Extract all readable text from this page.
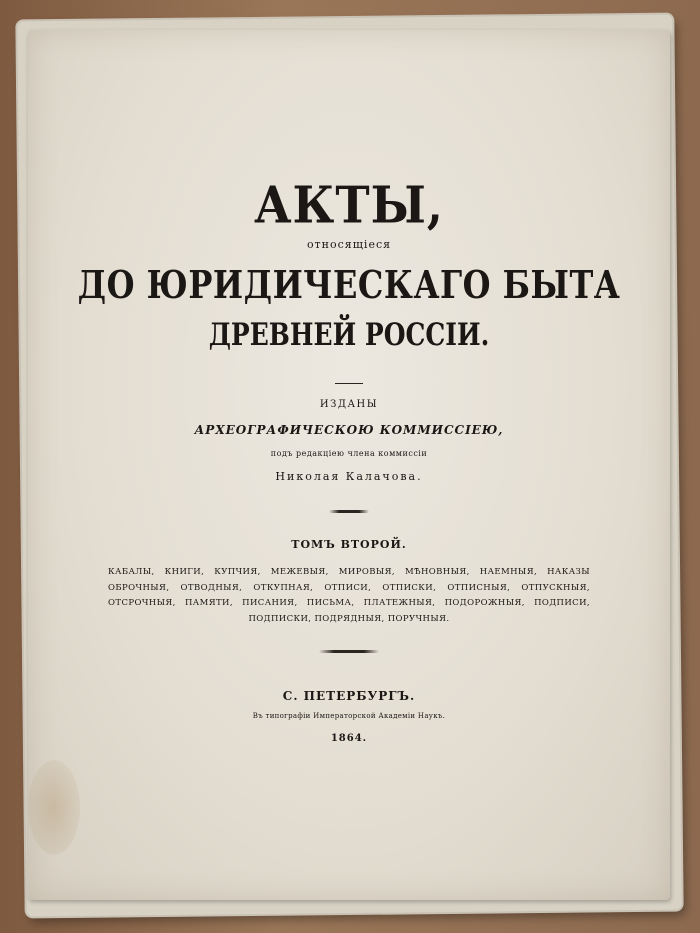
АКТЫ,
относящiеся
ДО ЮРИДИЧЕСКАГО БЫТА
ДРЕВНЕЙ РОССIИ.
ИЗДАНЫ
АРХЕОГРАФИЧЕСКОЮ КОММИССIЕЮ,
подъ редакцiею члена коммиссiи
Николая Калачова.
ТОМЪ ВТОРОЙ.
КАБАЛЫ, КНИГИ, КУПЧИЯ, МЕЖЕВЫЯ, МИРОВЫЯ, МѢНОВНЫЯ, НАЕМНЫЯ, НАКАЗЫ
ОБРОЧНЫЯ, ОТВОДНЫЯ, ОТКУПНАЯ, ОТПИСИ, ОТПИСКИ, ОТПИСНЫЯ, ОТПУСКНЫЯ,
ОТСРОЧНЫЯ, ПАМЯТИ, ПИСАНИЯ, ПИСЬМА, ПЛАТЕЖНЫЯ, ПОДОРОЖНЫЯ, ПОДПИСИ,
ПОДПИСКИ, ПОДРЯДНЫЯ, ПОРУЧНЫЯ.
С. ПЕТЕРБУРГЪ.
Въ типографiи Императорской Академiи Наукъ.
1864.
